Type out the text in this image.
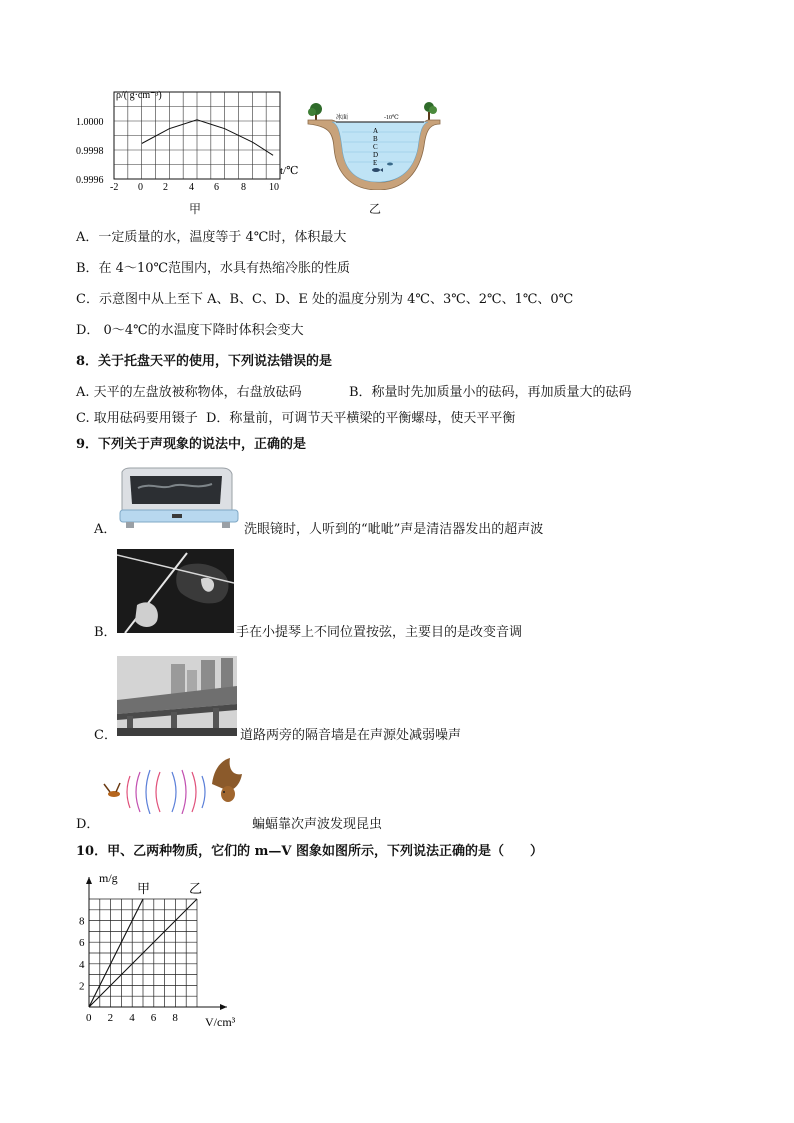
ρ/( g·cm⁻³)
t/℃
1.0000
0.9998
0.9996
-2 0 2 4 6 8 10
甲
冰面	-10℃
A
B
C
D
E
乙
A．一定质量的水，温度等于 4℃时，体积最大
B．在 4～10℃范围内，水具有热缩冷胀的性质
C．示意图中从上至下 A、B、C、D、E 处的温度分别为 4℃、3℃、2℃、1℃、0℃
D． 0～4℃的水温度下降时体积会变大
8．关于托盘天平的使用，下列说法错误的是
A. 天平的左盘放被称物体，右盘放砝码	B．称量时先加质量小的砝码，再加质量大的砝码
C. 取用砝码要用镊子 D．称量前，可调节天平横梁的平衡螺母，使天平平衡
9．下列关于声现象的说法中，正确的是
A．	洗眼镜时，人听到的“呲呲”声是清洁器发出的超声波
B．	手在小提琴上不同位置按弦，主要目的是改变音调
C．	道路两旁的隔音墙是在声源处减弱噪声
D．	蝙蝠靠次声波发现昆虫
10．甲、乙两种物质，它们的 m—V 图象如图所示，下列说法正确的是（　　）
m/g
V/cm³
甲	乙
0 2 4 6 8
2
4
6
8
